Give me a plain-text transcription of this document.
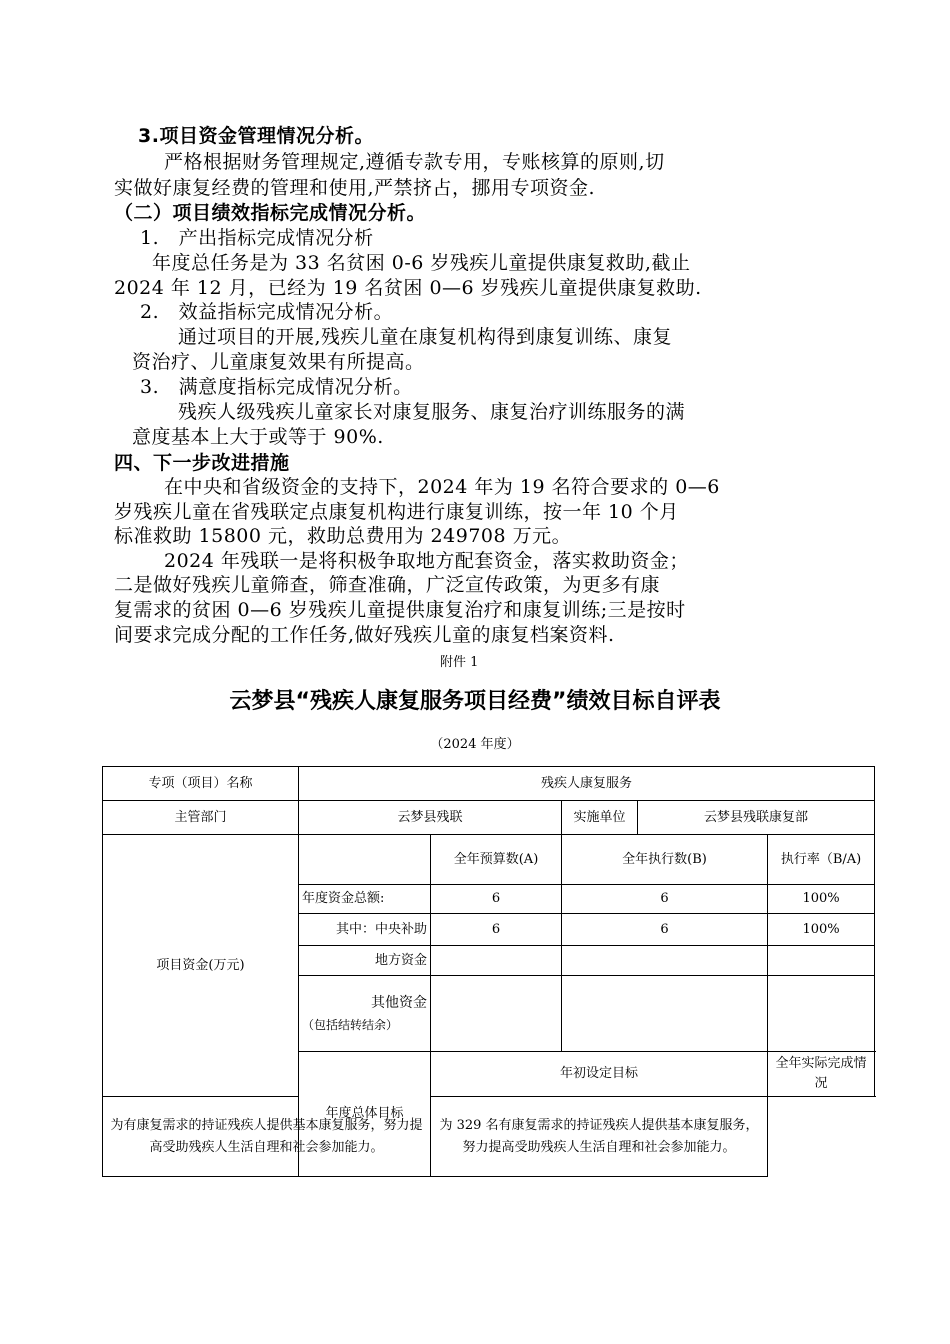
3.项目资金管理情况分析。
严格根据财务管理规定,遵循专款专用，专账核算的原则,切
实做好康复经费的管理和使用,严禁挤占，挪用专项资金.
（二）项目绩效指标完成情况分析。
1.　产出指标完成情况分析
年度总任务是为 33 名贫困 0-6 岁残疾儿童提供康复救助,截止
2024 年 12 月，已经为 19 名贫困 0—6 岁残疾儿童提供康复救助.
2.　效益指标完成情况分析。
通过项目的开展,残疾儿童在康复机构得到康复训练、康复
资治疗、儿童康复效果有所提高。
3.　满意度指标完成情况分析。
残疾人级残疾儿童家长对康复服务、康复治疗训练服务的满
意度基本上大于或等于 90%.
四、下一步改进措施
在中央和省级资金的支持下，2024 年为 19 名符合要求的 0—6
岁残疾儿童在省残联定点康复机构进行康复训练，按一年 10 个月
标准救助 15800 元，救助总费用为 249708 万元。
2024 年残联一是将积极争取地方配套资金，落实救助资金；
二是做好残疾儿童筛查，筛查准确，广泛宣传政策，为更多有康
复需求的贫困 0—6 岁残疾儿童提供康复治疗和康复训练;三是按时
间要求完成分配的工作任务,做好残疾儿童的康复档案资料.
附件 1
云梦县“残疾人康复服务项目经费”绩效目标自评表
（2024 年度）
专项（项目）名称	残疾人康复服务				
主管部门	云梦县残联		实施单位	云梦县残联康复部	
项目资金(万元)		全年预算数(A)	全年执行数(B)		执行率（B/A)
	年度资金总额:	6	6		100%
	其中：中央补助	6	6		100%
	地方资金				

	其他资金
（包括结转结余）				

	年度总体目标	年初设定目标			全年实际完成情况
为有康复需求的持证残疾人提供基本康复服务，努力提高受助残疾人生活自理和社会参加能力。		为 329 名有康复需求的持证残疾人提供基本康复服务，努力提高受助残疾人生活自理和社会参加能力。			
